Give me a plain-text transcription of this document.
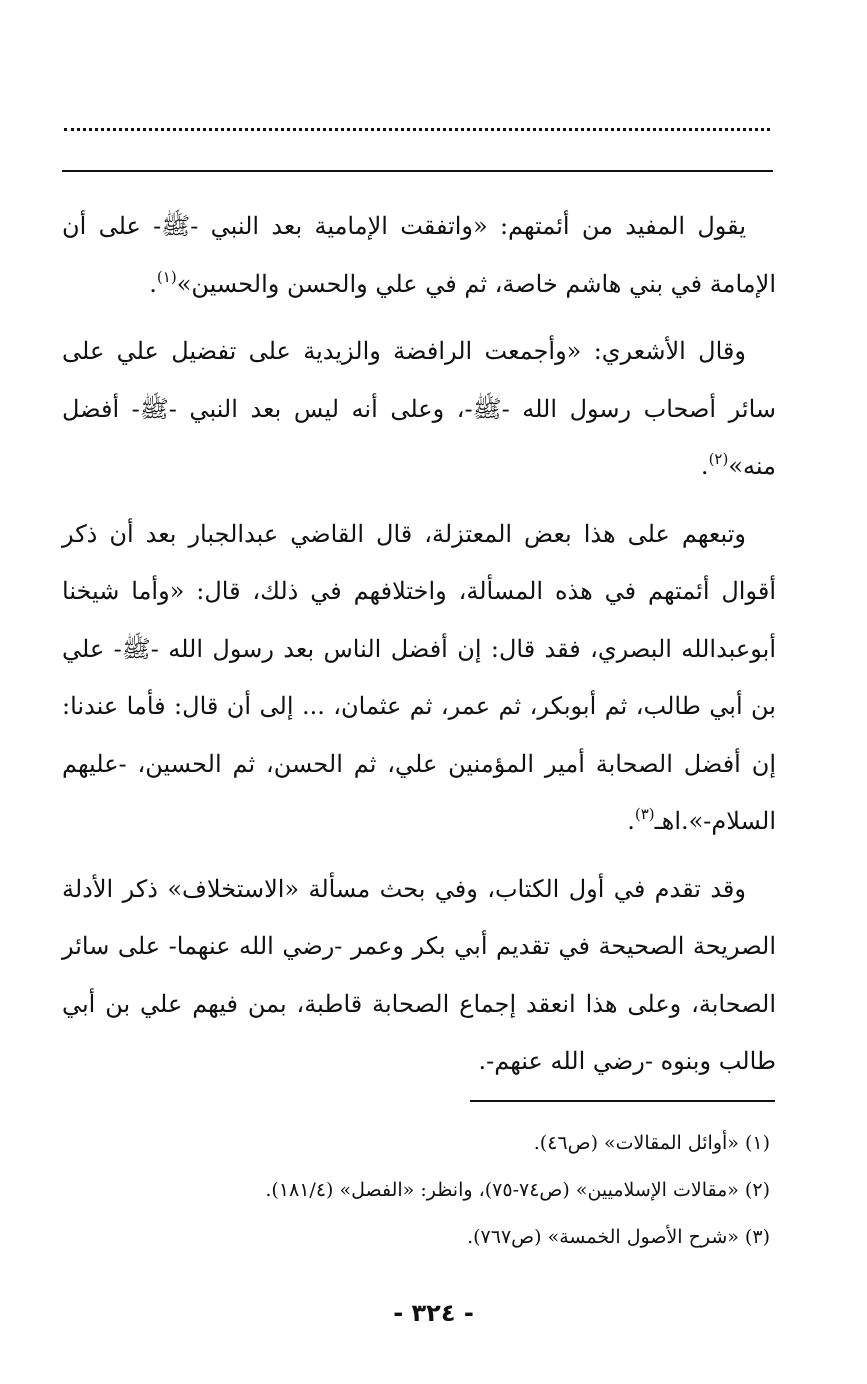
يقول المفيد من أئمتهم: «واتفقت الإمامية بعد النبي -ﷺ- على أن الإمامة في بني هاشم خاصة، ثم في علي والحسن والحسين»$^{(١)}$.

وقال الأشعري: «وأجمعت الرافضة والزيدية على تفضيل علي على سائر أصحاب رسول الله -ﷺ-، وعلى أنه ليس بعد النبي -ﷺ- أفضل منه»$^{(٢)}$.

وتبعهم على هذا بعض المعتزلة، قال القاضي عبدالجبار بعد أن ذكر أقوال أئمتهم في هذه المسألة، واختلافهم في ذلك، قال: «وأما شيخنا أبوعبدالله البصري، فقد قال: إن أفضل الناس بعد رسول الله -ﷺ- علي بن أبي طالب، ثم أبوبكر، ثم عمر، ثم عثمان، ... إلى أن قال: فأما عندنا: إن أفضل الصحابة أمير المؤمنين علي، ثم الحسن، ثم الحسين، -عليهم السلام-».اهـ$^{(٣)}$.

وقد تقدم في أول الكتاب، وفي بحث مسألة «الاستخلاف» ذكر الأدلة الصريحة الصحيحة في تقديم أبي بكر وعمر -رضي الله عنهما- على سائر الصحابة، وعلى هذا انعقد إجماع الصحابة قاطبة، بمن فيهم علي بن أبي طالب وبنوه -رضي الله عنهم-.

(١) «أوائل المقالات» (ص٤٦).

(٢) «مقالات الإسلاميين» (ص٧٤-٧٥)، وانظر: «الفصل» (١٨١/٤).

(٣) «شرح الأصول الخمسة» (ص٧٦٧).

- ٣٢٤ -
